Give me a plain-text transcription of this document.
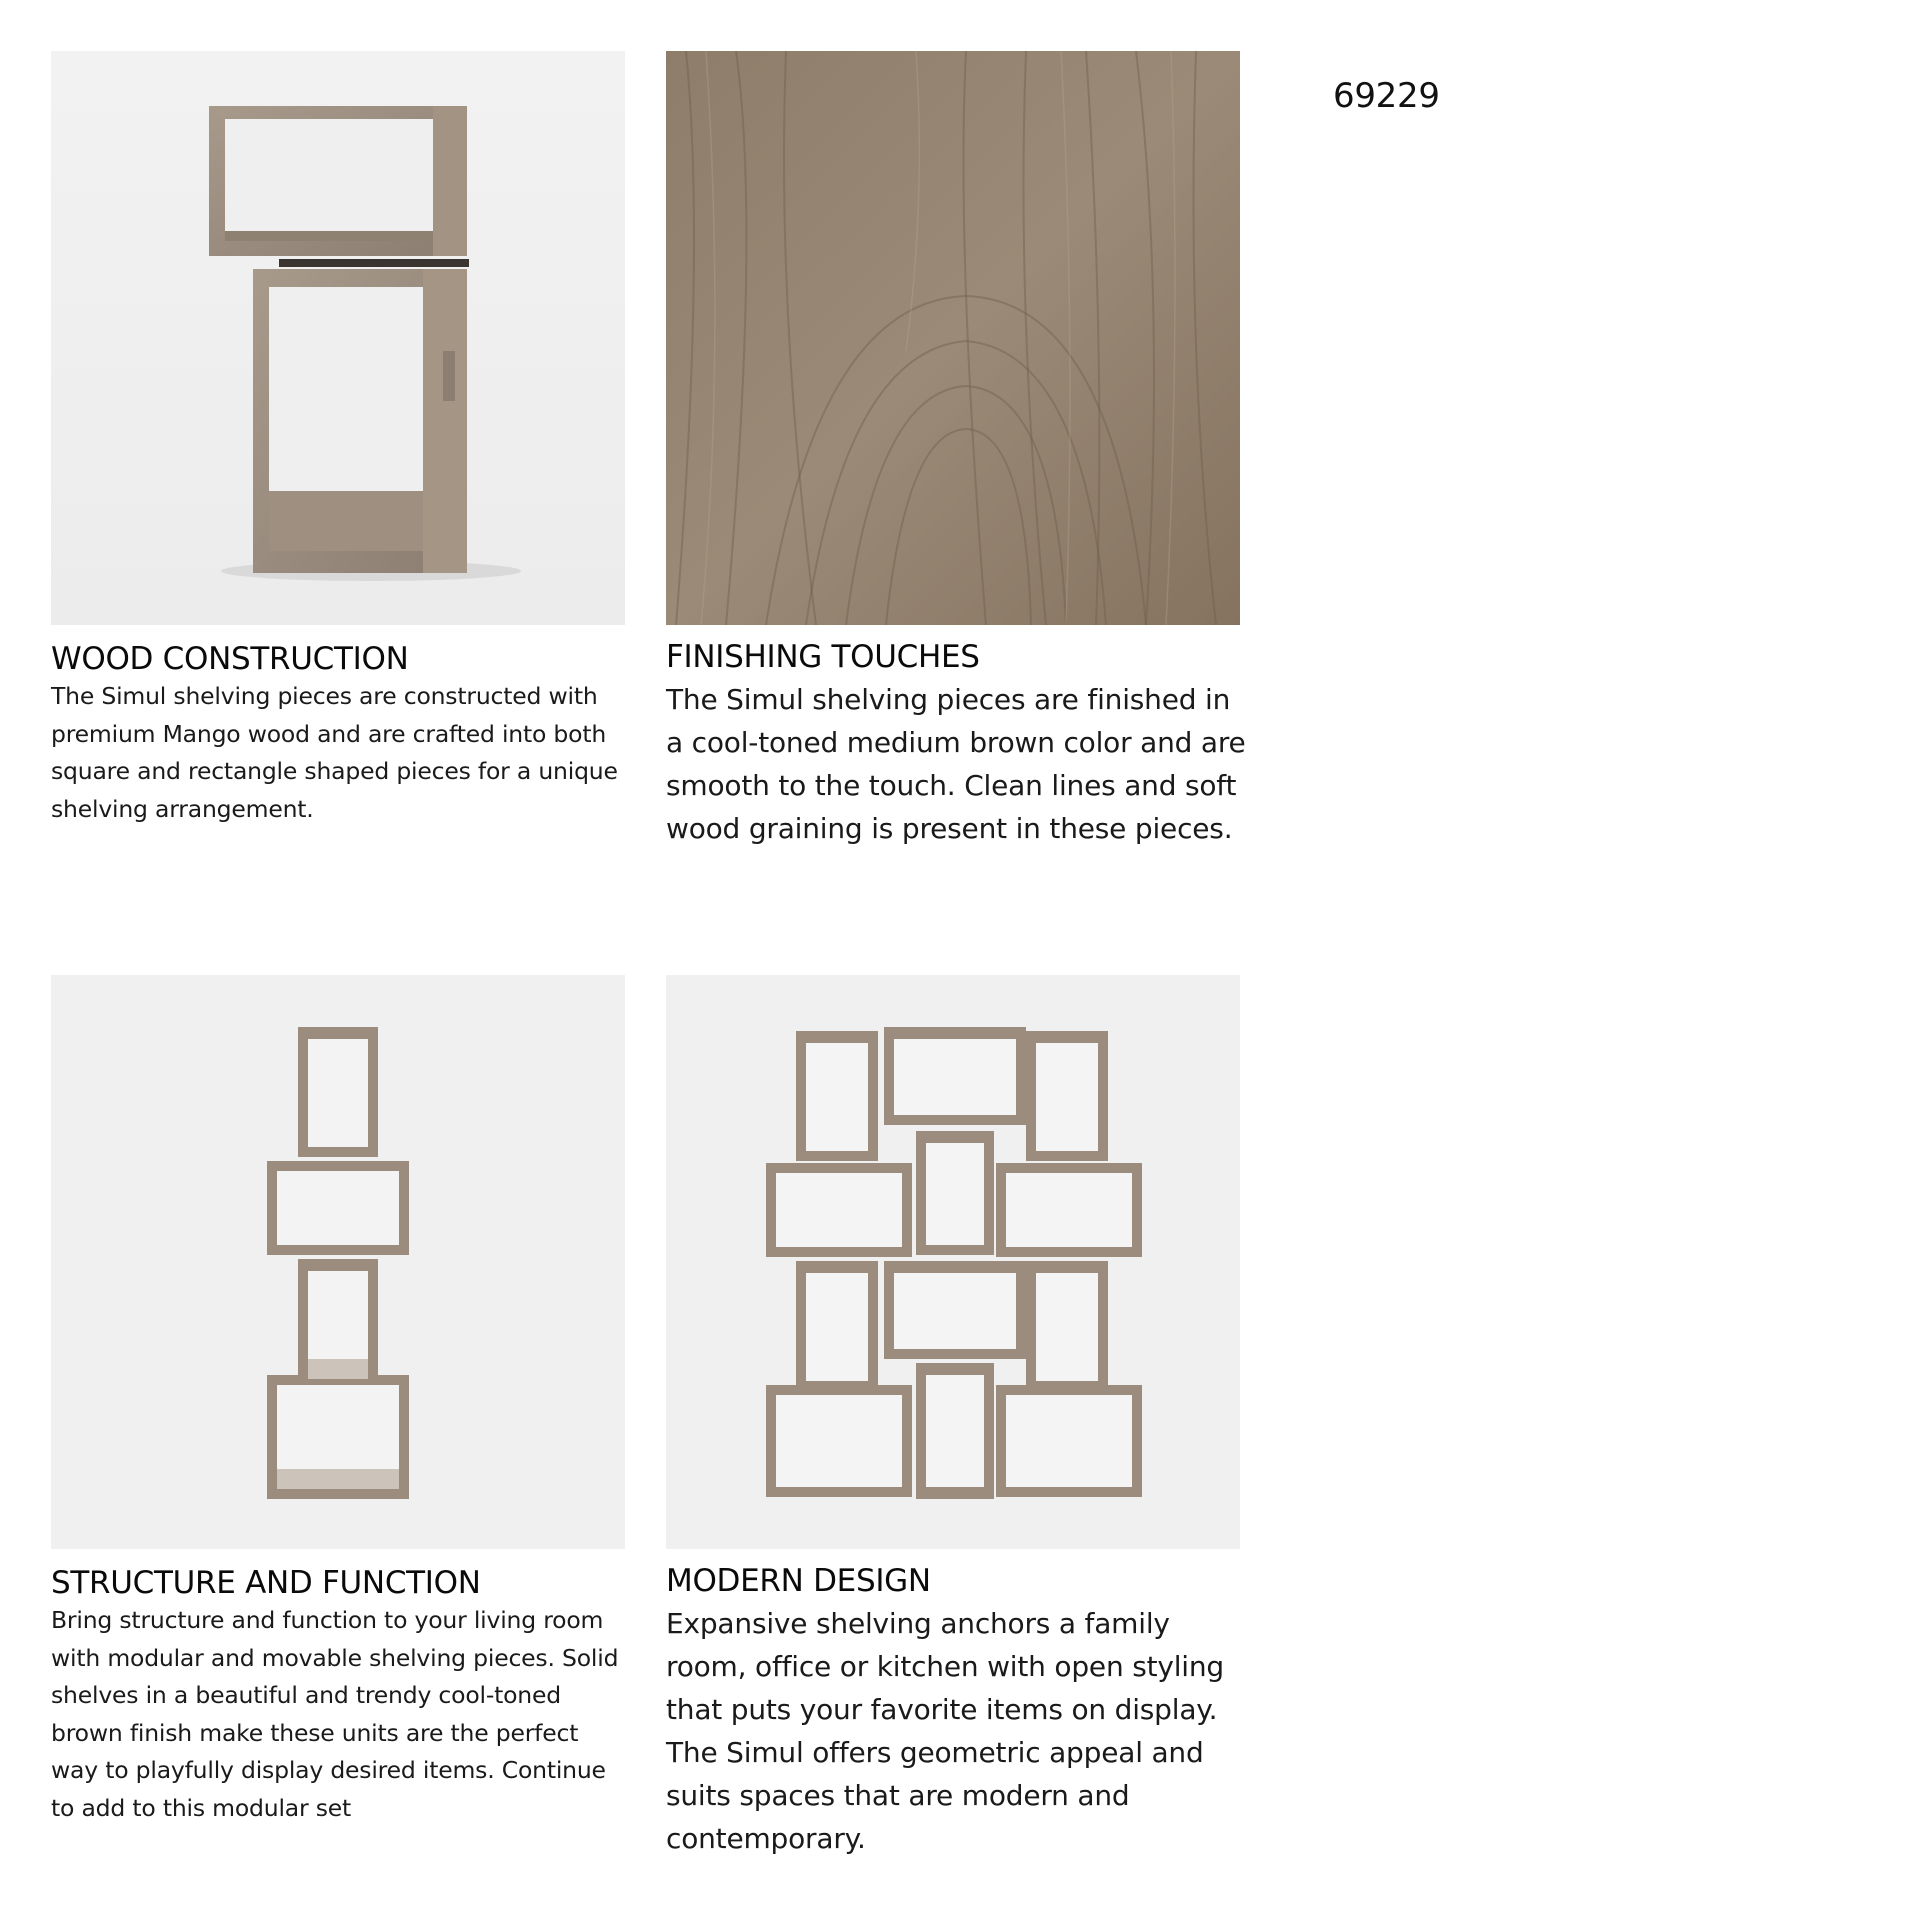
69229
WOOD CONSTRUCTION	FINISHING TOUCHES
STRUCTURE AND FUNCTION	MODERN DESIGN

The Simul shelving pieces are constructed with premium Mango wood and are crafted into both square and rectangle shaped pieces for a unique shelving arrangement.

The Simul shelving pieces are finished in a cool-toned medium brown color and are smooth to the touch. Clean lines and soft wood graining is present in these pieces.

Bring structure and function to your living room with modular and movable shelving pieces. Solid shelves in a beautiful and trendy cool-toned brown finish make these units are the perfect way to playfully display desired items. Continue to add to this modular set

Expansive shelving anchors a family room, office or kitchen with open styling that puts your favorite items on display. The Simul offers geometric appeal and suits spaces that are modern and contemporary.
